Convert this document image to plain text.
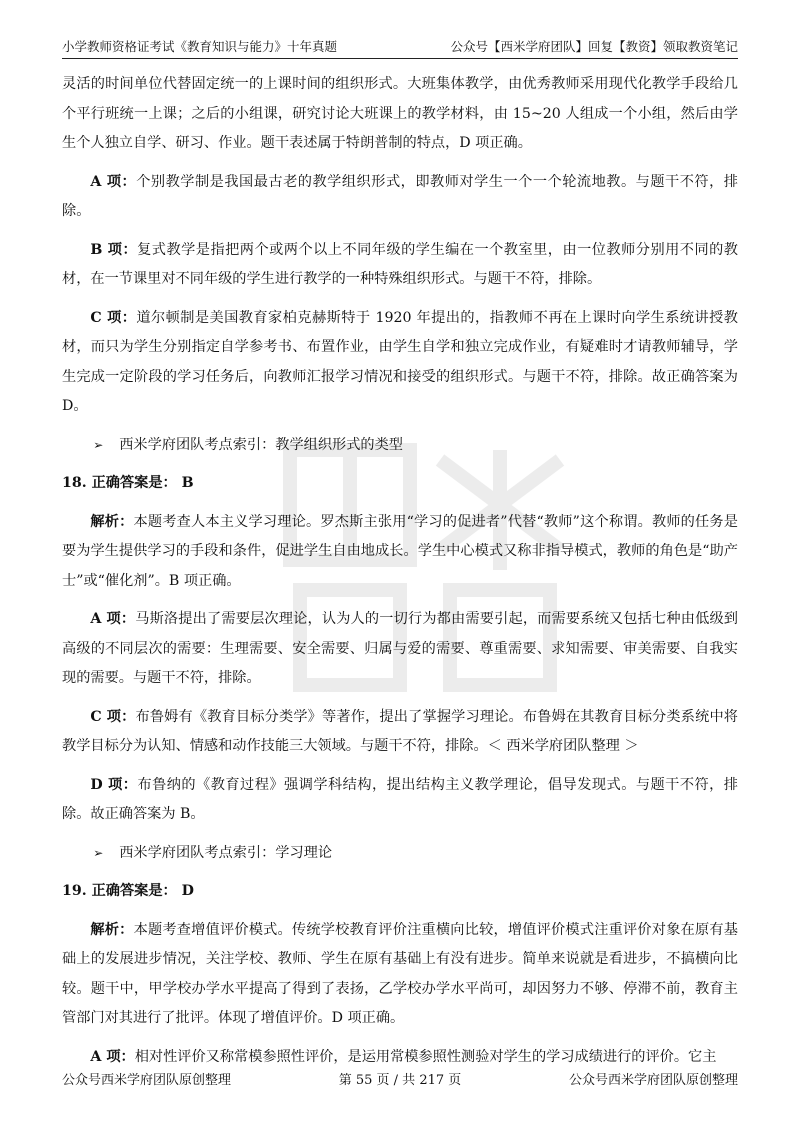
小学教师资格证考试《教育知识与能力》十年真题	公众号【西米学府团队】回复【教资】领取教资笔记

灵活的时间单位代替固定统一的上课时间的组织形式。大班集体教学，由优秀教师采用现代化教学手段给几个平行班统一上课；之后的小组课，研究讨论大班课上的教学材料，由 15~20 人组成一个小组，然后由学生个人独立自学、研习、作业。题干表述属于特朗普制的特点，D 项正确。

A 项：个别教学制是我国最古老的教学组织形式，即教师对学生一个一个轮流地教。与题干不符，排除。

B 项：复式教学是指把两个或两个以上不同年级的学生编在一个教室里，由一位教师分别用不同的教材，在一节课里对不同年级的学生进行教学的一种特殊组织形式。与题干不符，排除。

C 项：道尔顿制是美国教育家柏克赫斯特于 1920 年提出的，指教师不再在上课时向学生系统讲授教材，而只为学生分别指定自学参考书、布置作业，由学生自学和独立完成作业，有疑难时才请教师辅导，学生完成一定阶段的学习任务后，向教师汇报学习情况和接受的组织形式。与题干不符，排除。故正确答案为 D。

➢ 西米学府团队考点索引：教学组织形式的类型

18. 正确答案是： B

解析：本题考查人本主义学习理论。罗杰斯主张用“学习的促进者”代替“教师”这个称谓。教师的任务是要为学生提供学习的手段和条件，促进学生自由地成长。学生中心模式又称非指导模式，教师的角色是“助产士”或“催化剂”。B 项正确。

A 项：马斯洛提出了需要层次理论，认为人的一切行为都由需要引起，而需要系统又包括七种由低级到高级的不同层次的需要：生理需要、安全需要、归属与爱的需要、尊重需要、求知需要、审美需要、自我实现的需要。与题干不符，排除。

C 项：布鲁姆有《教育目标分类学》等著作，提出了掌握学习理论。布鲁姆在其教育目标分类系统中将教学目标分为认知、情感和动作技能三大领域。与题干不符，排除。＜ 西米学府团队整理 ＞

D 项：布鲁纳的《教育过程》强调学科结构，提出结构主义教学理论，倡导发现式。与题干不符，排除。故正确答案为 B。

➢ 西米学府团队考点索引：学习理论

19. 正确答案是： D

解析：本题考查增值评价模式。传统学校教育评价注重横向比较，增值评价模式注重评价对象在原有基础上的发展进步情况，关注学校、教师、学生在原有基础上有没有进步。简单来说就是看进步，不搞横向比较。题干中，甲学校办学水平提高了得到了表扬，乙学校办学水平尚可，却因努力不够、停滞不前，教育主管部门对其进行了批评。体现了增值评价。D 项正确。

A 项：相对性评价又称常模参照性评价，是运用常模参照性测验对学生的学习成绩进行的评价。它主

公众号西米学府团队原创整理	第 55 页 / 共 217 页	公众号西米学府团队原创整理
